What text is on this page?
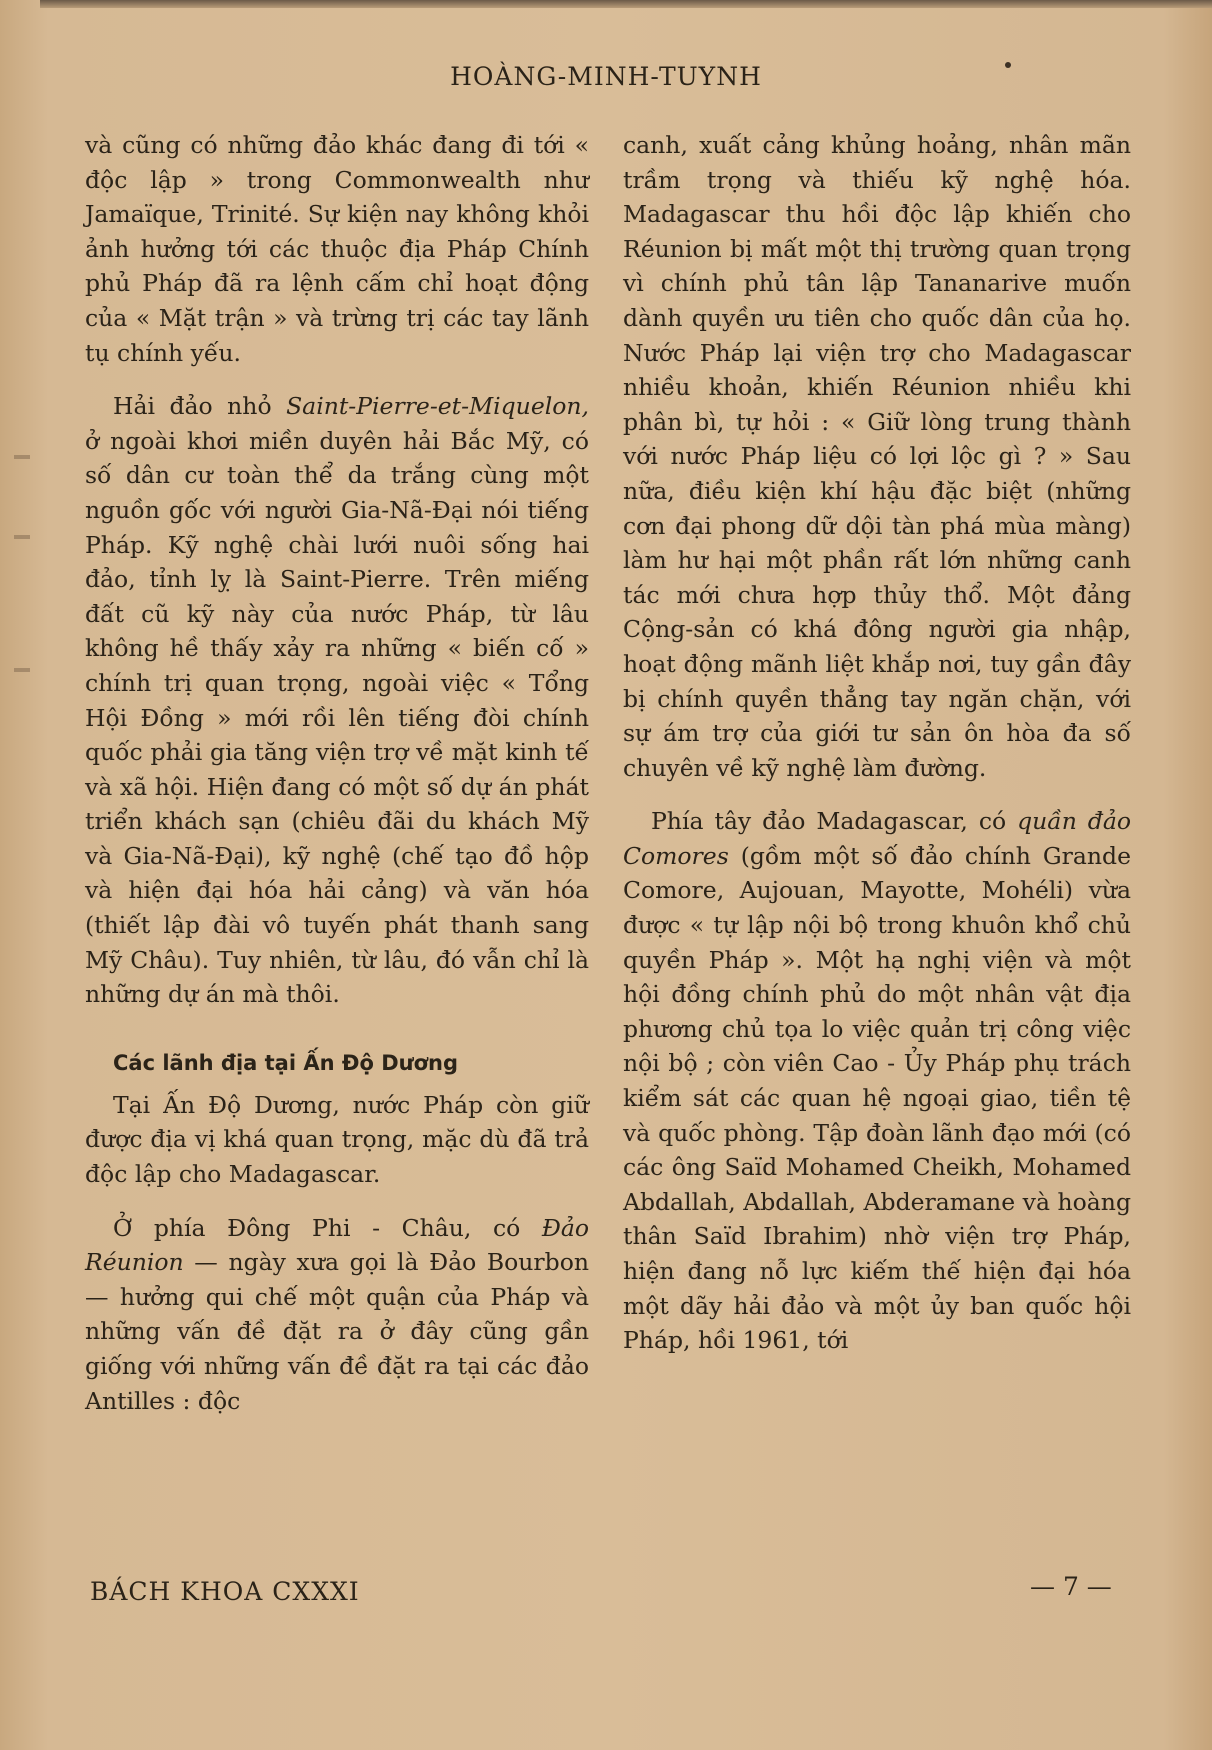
HOÀNG-MINH-TUYNH

và cũng có những đảo khác đang đi tới « độc lập » trong Commonwealth như Jamaïque, Trinité. Sự kiện nay không khỏi ảnh hưởng tới các thuộc địa Pháp Chính phủ Pháp đã ra lệnh cấm chỉ hoạt động của « Mặt trận » và trừng trị các tay lãnh tụ chính yếu.

Hải đảo nhỏ Saint-Pierre-et-Miquelon, ở ngoài khơi miền duyên hải Bắc Mỹ, có số dân cư toàn thể da trắng cùng một nguồn gốc với người Gia-Nã-Đại nói tiếng Pháp. Kỹ nghệ chài lưới nuôi sống hai đảo, tỉnh lỵ là Saint-Pierre. Trên miếng đất cũ kỹ này của nước Pháp, từ lâu không hề thấy xảy ra những « biến cố » chính trị quan trọng, ngoài việc « Tổng Hội Đồng » mới rồi lên tiếng đòi chính quốc phải gia tăng viện trợ về mặt kinh tế và xã hội. Hiện đang có một số dự án phát triển khách sạn (chiêu đãi du khách Mỹ và Gia-Nã-Đại), kỹ nghệ (chế tạo đồ hộp và hiện đại hóa hải cảng) và văn hóa (thiết lập đài vô tuyến phát thanh sang Mỹ Châu). Tuy nhiên, từ lâu, đó vẫn chỉ là những dự án mà thôi.

Các lãnh địa tại Ấn Độ Dương

Tại Ấn Độ Dương, nước Pháp còn giữ được địa vị khá quan trọng, mặc dù đã trả độc lập cho Madagascar.

Ở phía Đông Phi - Châu, có Đảo Réunion — ngày xưa gọi là Đảo Bourbon — hưởng qui chế một quận của Pháp và những vấn đề đặt ra ở đây cũng gần giống với những vấn đề đặt ra tại các đảo Antilles : độc

canh, xuất cảng khủng hoảng, nhân mãn trầm trọng và thiếu kỹ nghệ hóa. Madagascar thu hồi độc lập khiến cho Réunion bị mất một thị trường quan trọng vì chính phủ tân lập Tananarive muốn dành quyền ưu tiên cho quốc dân của họ. Nước Pháp lại viện trợ cho Madagascar nhiều khoản, khiến Réunion nhiều khi phân bì, tự hỏi : « Giữ lòng trung thành với nước Pháp liệu có lợi lộc gì ? » Sau nữa, điều kiện khí hậu đặc biệt (những cơn đại phong dữ dội tàn phá mùa màng) làm hư hại một phần rất lớn những canh tác mới chưa hợp thủy thổ. Một đảng Cộng-sản có khá đông người gia nhập, hoạt động mãnh liệt khắp nơi, tuy gần đây bị chính quyền thẳng tay ngăn chặn, với sự ám trợ của giới tư sản ôn hòa đa số chuyên về kỹ nghệ làm đường.

Phía tây đảo Madagascar, có quần đảo Comores (gồm một số đảo chính Grande Comore, Aujouan, Mayotte, Mohéli) vừa được « tự lập nội bộ trong khuôn khổ chủ quyền Pháp ». Một hạ nghị viện và một hội đồng chính phủ do một nhân vật địa phương chủ tọa lo việc quản trị công việc nội bộ ; còn viên Cao - Ủy Pháp phụ trách kiểm sát các quan hệ ngoại giao, tiền tệ và quốc phòng. Tập đoàn lãnh đạo mới (có các ông Saïd Mohamed Cheikh, Mohamed Abdallah, Abdallah, Abderamane và hoàng thân Saïd Ibrahim) nhờ viện trợ Pháp, hiện đang nỗ lực kiếm thế hiện đại hóa một dãy hải đảo và một ủy ban quốc hội Pháp, hồi 1961, tới

BÁCH KHOA CXXXI	— 7 —
